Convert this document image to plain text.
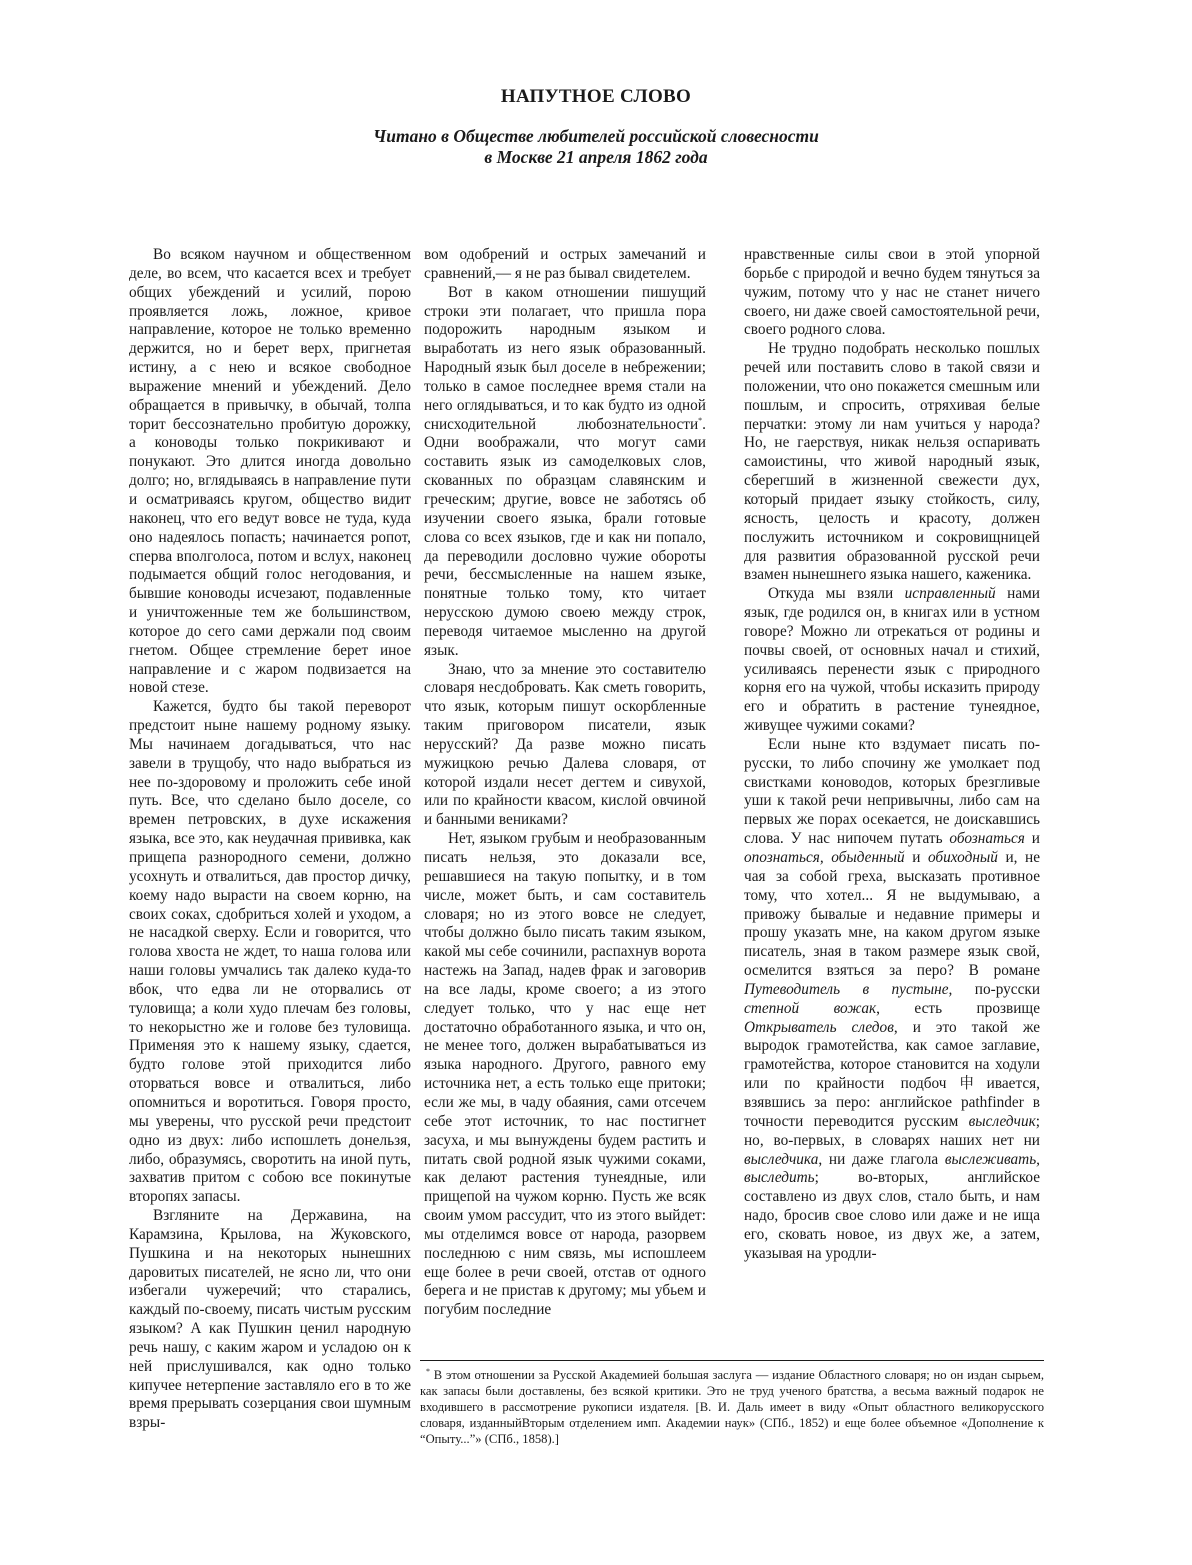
НАПУТНОЕ СЛОВО
Читано в Обществе любителей российской словесности
в Москве 21 апреля 1862 года

Во всяком научном и общественном деле, во всем, что касается всех и требует общих убеждений и усилий, порою проявляется ложь, ложное, кривое направление, которое не только временно держится, но и берет верх, пригнетая истину, а с нею и всякое свободное выражение мнений и убеждений. Дело обращается в привычку, в обычай, толпа торит бессознательно пробитую дорожку, а коноводы только покрикивают и понукают. Это длится иногда довольно долго; но, вглядываясь в направление пути и осматриваясь кругом, общество видит наконец, что его ведут вовсе не туда, куда оно надеялось попасть; начинается ропот, сперва вполголоса, потом и вслух, наконец подымается общий голос негодования, и бывшие коноводы исчезают, подавленные и уничтоженные тем же большинством, которое до сего сами держали под своим гнетом. Общее стремление берет иное направление и с жаром подвизается на новой стезе.

Кажется, будто бы такой переворот предстоит ныне нашему родному языку. Мы начинаем догадываться, что нас завели в трущобу, что надо выбраться из нее по-здоровому и проложить себе иной путь. Все, что сделано было доселе, со времен петровских, в духе искажения языка, все это, как неудачная прививка, как прищепа разнородного семени, должно усохнуть и отвалиться, дав простор дичку, коему надо вырасти на своем корню, на своих соках, сдобриться холей и уходом, а не насадкой сверху. Если и говорится, что голова хвоста не ждет, то наша голова или наши головы умчались так далеко куда-то вбок, что едва ли не оторвались от туловища; а коли худо плечам без головы, то некорыстно же и голове без туловища. Применяя это к нашему языку, сдается, будто голове этой приходится либо оторваться вовсе и отвалиться, либо опомниться и воротиться. Говоря просто, мы уверены, что русской речи предстоит одно из двух: либо испошлеть донельзя, либо, образумясь, своротить на иной путь, захватив притом с собою все покинутые второпях запасы.

Взгляните на Державина, на Карамзина, Крылова, на Жуковского, Пушкина и на некоторых нынешних даровитых писателей, не ясно ли, что они избегали чужеречий; что старались, каждый по-своему, писать чистым русским языком? А как Пушкин ценил народную речь нашу, с каким жаром и усладою он к ней прислушивался, как одно только кипучее нетерпение заставляло его в то же время прерывать созерцания свои шумным взры-

вом одобрений и острых замечаний и сравнений,— я не раз бывал свидетелем.

Вот в каком отношении пишущий строки эти полагает, что пришла пора подорожить народным языком и выработать из него язык образованный. Народный язык был доселе в небрежении; только в самое последнее время стали на него оглядываться, и то как будто из одной снисходительной любознательности*. Одни воображали, что могут сами составить язык из самоделковых слов, скованных по образцам славянским и греческим; другие, вовсе не заботясь об изучении своего языка, брали готовые слова со всех языков, где и как ни попало, да переводили дословно чужие обороты речи, бессмысленные на нашем языке, понятные только тому, кто читает нерусскою думою своею между строк, переводя читаемое мысленно на другой язык.

Знаю, что за мнение это составителю словаря несдобровать. Как сметь говорить, что язык, которым пишут оскорбленные таким приговором писатели, язык нерусский? Да разве можно писать мужицкою речью Далева словаря, от которой издали несет дегтем и сивухой, или по крайности квасом, кислой овчиной и банными вениками?

Нет, языком грубым и необразованным писать нельзя, это доказали все, решавшиеся на такую попытку, и в том числе, может быть, и сам составитель словаря; но из этого вовсе не следует, чтобы должно было писать таким языком, какой мы себе сочинили, распахнув ворота настежь на Запад, надев фрак и заговорив на все лады, кроме своего; а из этого следует только, что у нас еще нет достаточно обработанного языка, и что он, не менее того, должен вырабатываться из языка народного. Другого, равного ему источника нет, а есть только еще притоки; если же мы, в чаду обаяния, сами отсечем себе этот источник, то нас постигнет засуха, и мы вынуждены будем растить и питать свой родной язык чужими соками, как делают растения тунеядные, или прищепой на чужом корню. Пусть же всяк своим умом рассудит, что из этого выйдет: мы отделимся вовсе от народа, разорвем последнюю с ним связь, мы испошлеем еще более в речи своей, отстав от одного берега и не пристав к другому; мы убьем и погубим последние

нравственные силы свои в этой упорной борьбе с природой и вечно будем тянуться за чужим, потому что у нас не станет ничего своего, ни даже своей самостоятельной речи, своего родного слова.

Не трудно подобрать несколько пошлых речей или поставить слово в такой связи и положении, что оно покажется смешным или пошлым, и спросить, отряхивая белые перчатки: этому ли нам учиться у народа? Но, не гаерствуя, никак нельзя оспаривать самоистины, что живой народный язык, сберегший в жизненной свежести дух, который придает языку стойкость, силу, ясность, целость и красоту, должен послужить источником и сокровищницей для развития образованной русской речи взамен нынешнего языка нашего, каженика.

Откуда мы взяли исправленный нами язык, где родился он, в книгах или в устном говоре? Можно ли отрекаться от родины и почвы своей, от основных начал и стихий, усиливаясь перенести язык с природного корня его на чужой, чтобы исказить природу его и обратить в растение тунеядное, живущее чужими соками?

Если ныне кто вздумает писать по-русски, то либо спочину же умолкает под свистками коноводов, которых брезгливые уши к такой речи непривычны, либо сам на первых же порах осекается, не доискавшись слова. У нас нипочем путать обознаться и опознаться, обыденный и обиходный и, не чая за собой греха, высказать противное тому, что хотел... Я не выдумываю, а привожу бывалые и недавние примеры и прошу указать мне, на каком другом языке писатель, зная в таком размере язык свой, осмелится взяться за перо? В романе Путеводитель в пустыне, по-русски степной вожак, есть прозвище Открыватель следов, и это такой же выродок грамотейства, как самое заглавие, грамотейства, которое становится на ходули или по крайности подбоч申ивается, взявшись за перо: английское pathfinder в точности переводится русским выследчик; но, во-первых, в словарях наших нет ни выследчика, ни даже глагола выслеживать, выследить; во-вторых, английское составлено из двух слов, стало быть, и нам надо, бросив свое слово или даже и не ища его, сковать новое, из двух же, а затем, указывая на уродли-

* В этом отношении за Русской Академией большая заслуга — издание Областного словаря; но он издан сырьем, как запасы были доставлены, без всякой критики. Это не труд ученого братства, а весьма важный подарок не входившего в рассмотрение рукописи издателя. [В. И. Даль имеет в виду «Опыт областного великорусского словаря, изданныйВторым отделением имп. Академии наук» (СПб., 1852) и еще более объемное «Дополнение к “Опыту...”» (СПб., 1858).]
